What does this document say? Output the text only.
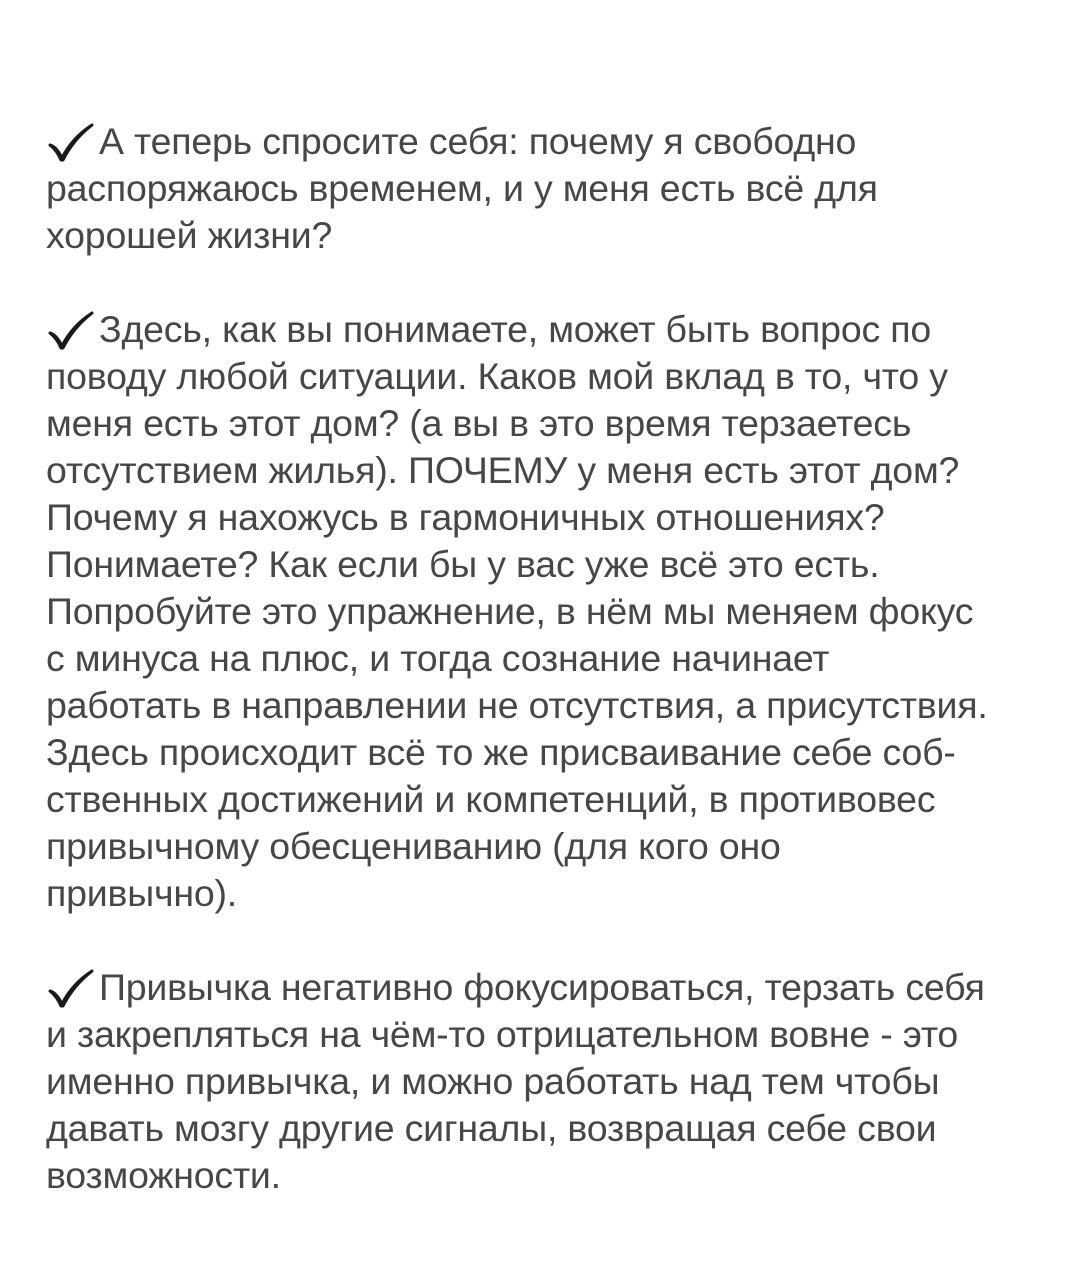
А теперь спросите себя: почему я свободно
распоряжаюсь временем, и у меня есть всё для
хорошей жизни?

Здесь, как вы понимаете, может быть вопрос по
поводу любой ситуации. Каков мой вклад в то, что у
меня есть этот дом? (а вы в это время терзаетесь
отсутствием жилья). ПОЧЕМУ у меня есть этот дом?
Почему я нахожусь в гармоничных отношениях?
Понимаете? Как если бы у вас уже всё это есть.
Попробуйте это упражнение, в нём мы меняем фокус
с минуса на плюс, и тогда сознание начинает
работать в направлении не отсутствия, а присутствия.
Здесь происходит всё то же присваивание себе соб-
ственных достижений и компетенций, в противовес
привычному обесцениванию (для кого оно
привычно).

Привычка негативно фокусироваться, терзать себя
и закрепляться на чём-то отрицательном вовне - это
именно привычка, и можно работать над тем чтобы
давать мозгу другие сигналы, возвращая себе свои
возможности.
